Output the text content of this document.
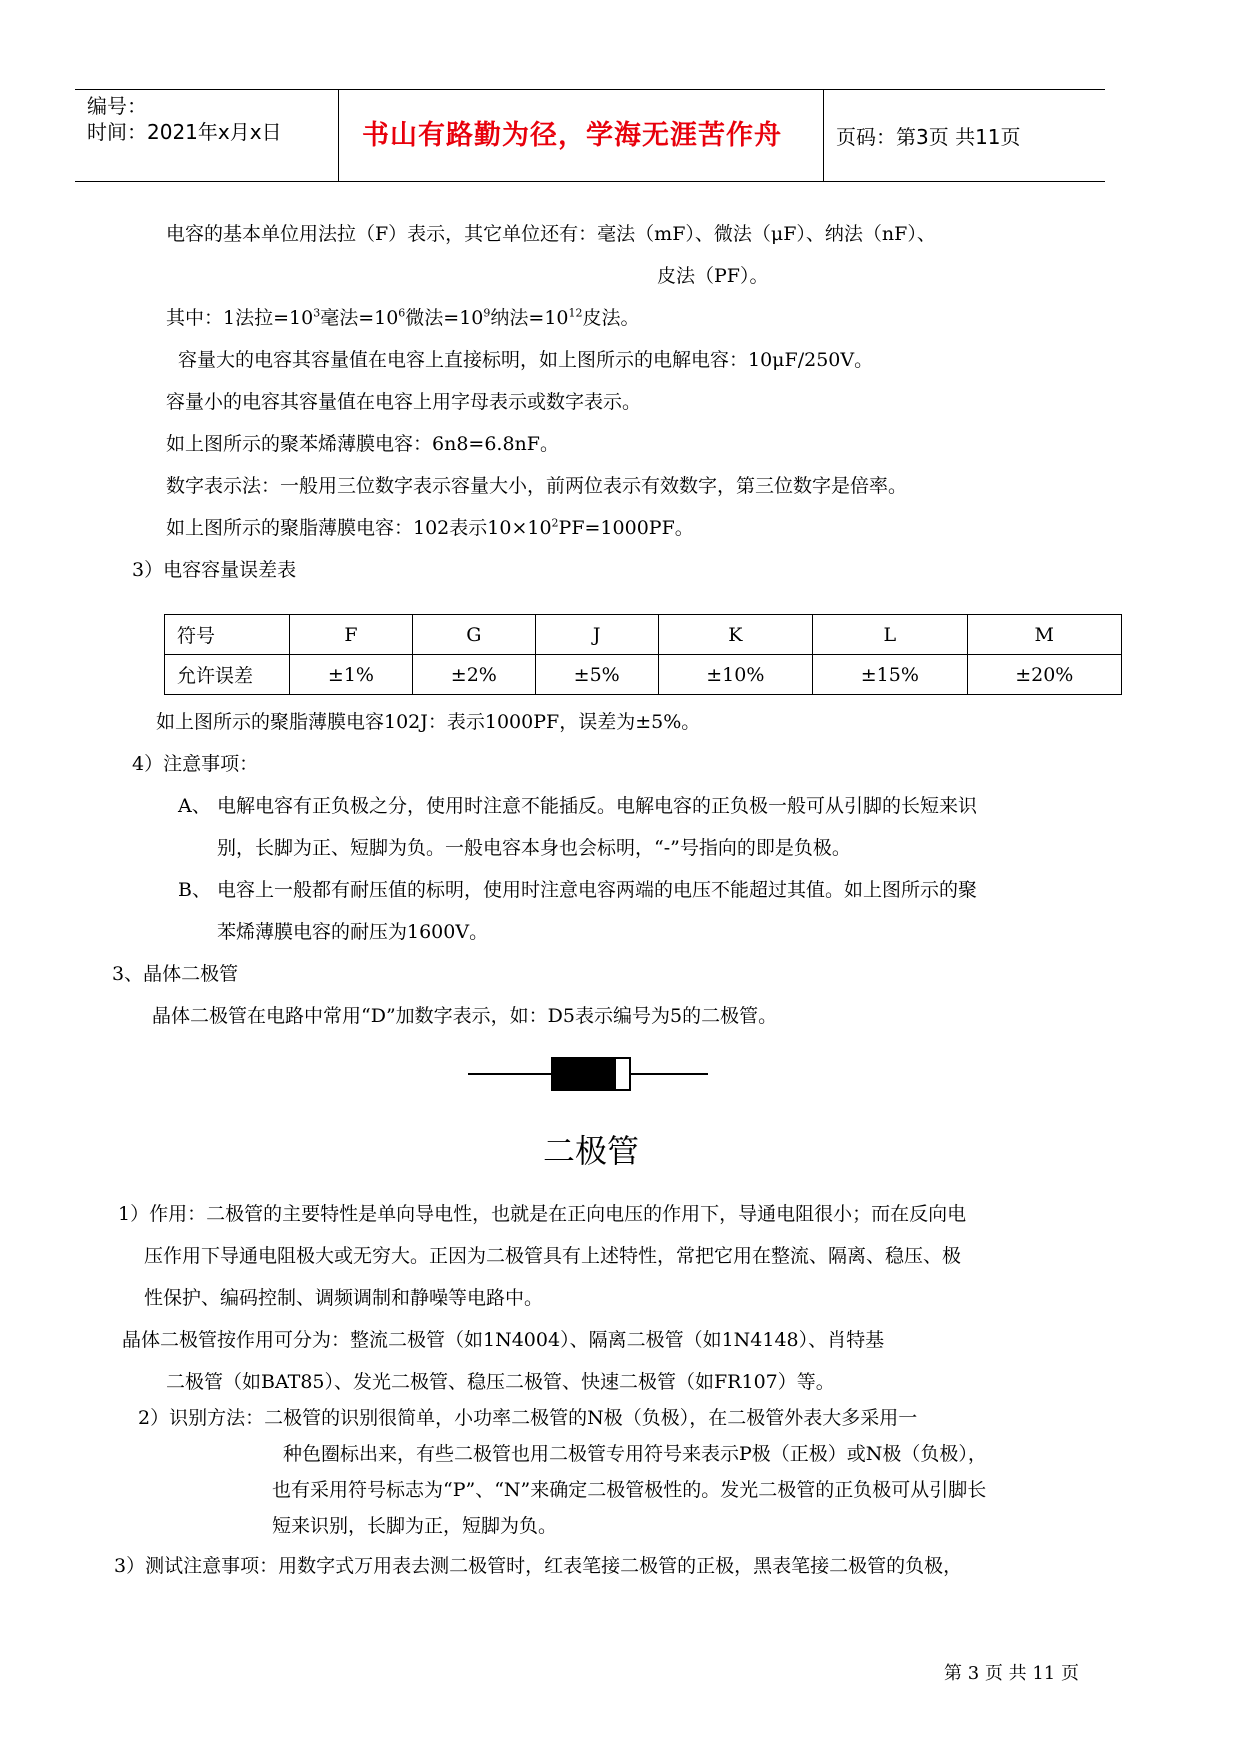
编号：
时间：2021年x月x日	书山有路勤为径，学海无涯苦作舟	页码：第3页 共11页
电容的基本单位用法拉（F）表示，其它单位还有：毫法（mF）、微法（μF）、纳法（nF）、
皮法（PF）。
其中：1法拉$=10^3$毫法$=10^6$微法$=10^9$纳法$=10^{12}$皮法。
容量大的电容其容量值在电容上直接标明，如上图所示的电解电容：10μF/250V。
容量小的电容其容量值在电容上用字母表示或数字表示。
如上图所示的聚苯烯薄膜电容：6n8=6.8nF。
数字表示法：一般用三位数字表示容量大小，前两位表示有效数字，第三位数字是倍率。
如上图所示的聚脂薄膜电容：102表示$10\times 10^2PF=1000PF$。
3）电容容量误差表
符号	F	G	J	K	L	M
允许误差	±1%	±2%	±5%	±10%	±15%	±20%
如上图所示的聚脂薄膜电容102J：表示1000PF，误差为±5%。
4）注意事项：
A、 电解电容有正负极之分，使用时注意不能插反。电解电容的正负极一般可从引脚的长短来识
别，长脚为正、短脚为负。一般电容本身也会标明，“-”号指向的即是负极。
B、 电容上一般都有耐压值的标明，使用时注意电容两端的电压不能超过其值。如上图所示的聚
苯烯薄膜电容的耐压为1600V。
3、晶体二极管
晶体二极管在电路中常用“D”加数字表示，如：D5表示编号为5的二极管。
二极管
1）作用：二极管的主要特性是单向导电性，也就是在正向电压的作用下，导通电阻很小；而在反向电
压作用下导通电阻极大或无穷大。正因为二极管具有上述特性，常把它用在整流、隔离、稳压、极
性保护、编码控制、调频调制和静噪等电路中。
晶体二极管按作用可分为：整流二极管（如1N4004）、隔离二极管（如1N4148）、肖特基
二极管（如BAT85）、发光二极管、稳压二极管、快速二极管（如FR107）等。
2）识别方法：二极管的识别很简单，小功率二极管的N极（负极），在二极管外表大多采用一
种色圈标出来，有些二极管也用二极管专用符号来表示P极（正极）或N极（负极），
也有采用符号标志为“P”、“N”来确定二极管极性的。发光二极管的正负极可从引脚长
短来识别，长脚为正，短脚为负。
3）测试注意事项：用数字式万用表去测二极管时，红表笔接二极管的正极，黑表笔接二极管的负极，
第 3 页 共 11 页
